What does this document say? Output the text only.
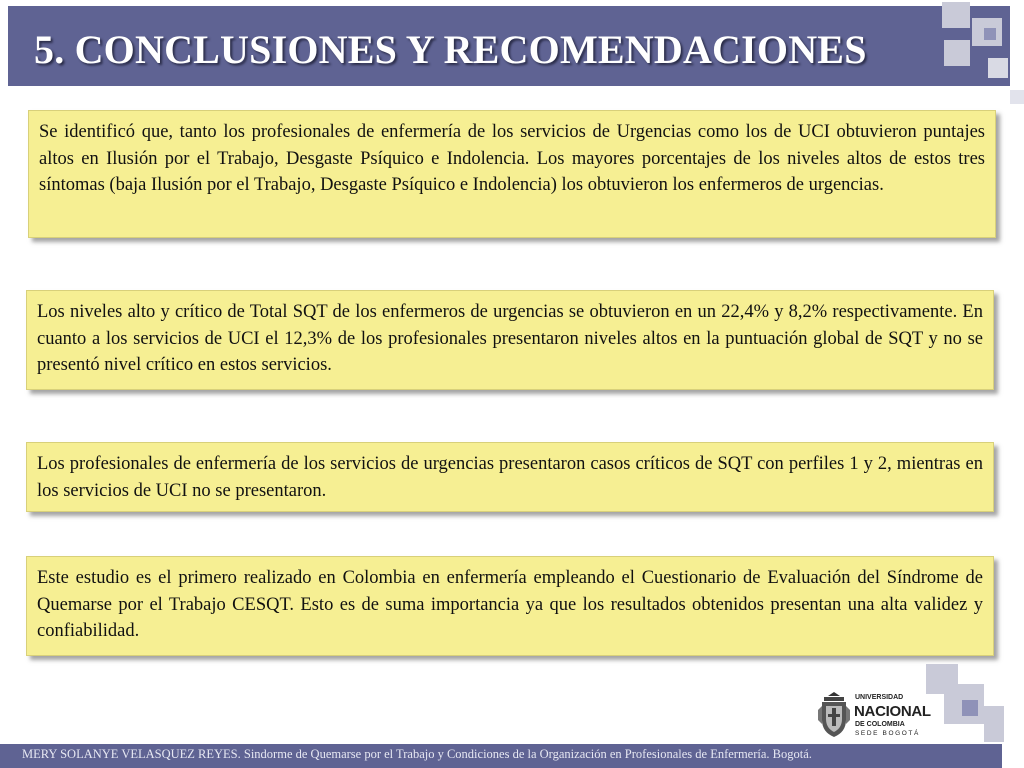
5. CONCLUSIONES Y RECOMENDACIONES
Se identificó que, tanto los profesionales de enfermería de los servicios de Urgencias como los de UCI obtuvieron puntajes altos en Ilusión por el Trabajo, Desgaste Psíquico e Indolencia. Los mayores porcentajes de los niveles altos de estos tres síntomas (baja Ilusión por el Trabajo, Desgaste Psíquico e Indolencia) los obtuvieron los enfermeros de urgencias.
Los niveles alto y crítico de Total SQT de los enfermeros de urgencias se obtuvieron en un 22,4% y 8,2% respectivamente. En cuanto a los servicios de UCI el 12,3% de los profesionales presentaron niveles altos en la puntuación global de SQT y no se presentó nivel crítico en estos servicios.
Los profesionales de enfermería de los servicios de urgencias presentaron casos críticos de SQT con perfiles 1 y 2, mientras en los servicios de UCI no se presentaron.
Este estudio es el primero realizado en Colombia en enfermería empleando el Cuestionario de Evaluación del Síndrome de Quemarse por el Trabajo CESQT. Esto es de suma importancia ya que los resultados obtenidos presentan una alta validez y confiabilidad.
UNIVERSIDAD
NACIONAL
DE COLOMBIA
SEDE BOGOTÁ
MERY SOLANYE VELASQUEZ REYES. Sindorme de Quemarse por el Trabajo y Condiciones de la Organización en Profesionales de Enfermería. Bogotá.
